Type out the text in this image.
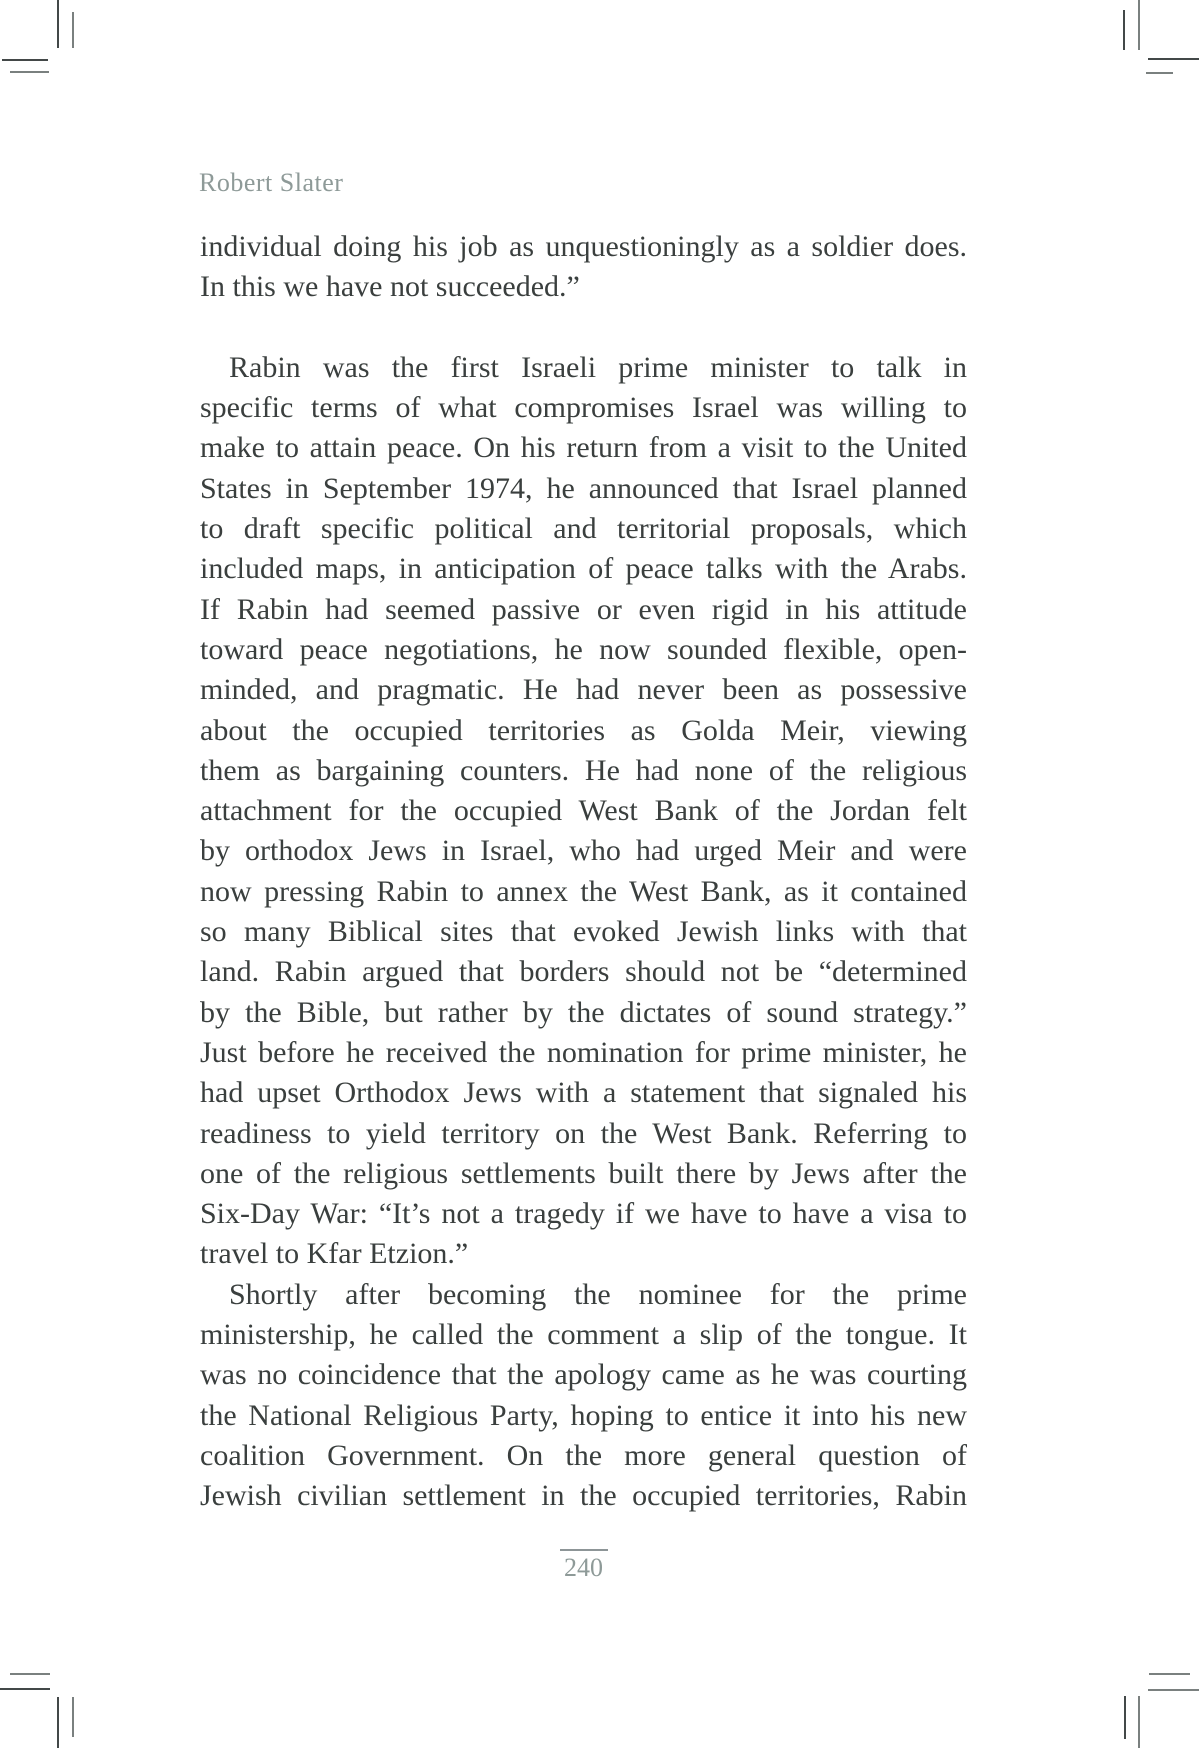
Robert Slater
individual doing his job as unquestioningly as a soldier does.
In this we have not succeeded.”
Rabin was the first Israeli prime minister to talk in
specific terms of what compromises Israel was willing to
make to attain peace. On his return from a visit to the United
States in September 1974, he announced that Israel planned
to draft specific political and territorial proposals, which
included maps, in anticipation of peace talks with the Arabs.
If Rabin had seemed passive or even rigid in his attitude
toward peace negotiations, he now sounded flexible, open-
minded, and pragmatic. He had never been as possessive
about the occupied territories as Golda Meir, viewing
them as bargaining counters. He had none of the religious
attachment for the occupied West Bank of the Jordan felt
by orthodox Jews in Israel, who had urged Meir and were
now pressing Rabin to annex the West Bank, as it contained
so many Biblical sites that evoked Jewish links with that
land. Rabin argued that borders should not be “determined
by the Bible, but rather by the dictates of sound strategy.”
Just before he received the nomination for prime minister, he
had upset Orthodox Jews with a statement that signaled his
readiness to yield territory on the West Bank. Referring to
one of the religious settlements built there by Jews after the
Six-Day War: “It’s not a tragedy if we have to have a visa to
travel to Kfar Etzion.”
Shortly after becoming the nominee for the prime
ministership, he called the comment a slip of the tongue. It
was no coincidence that the apology came as he was courting
the National Religious Party, hoping to entice it into his new
coalition Government. On the more general question of
Jewish civilian settlement in the occupied territories, Rabin
240
